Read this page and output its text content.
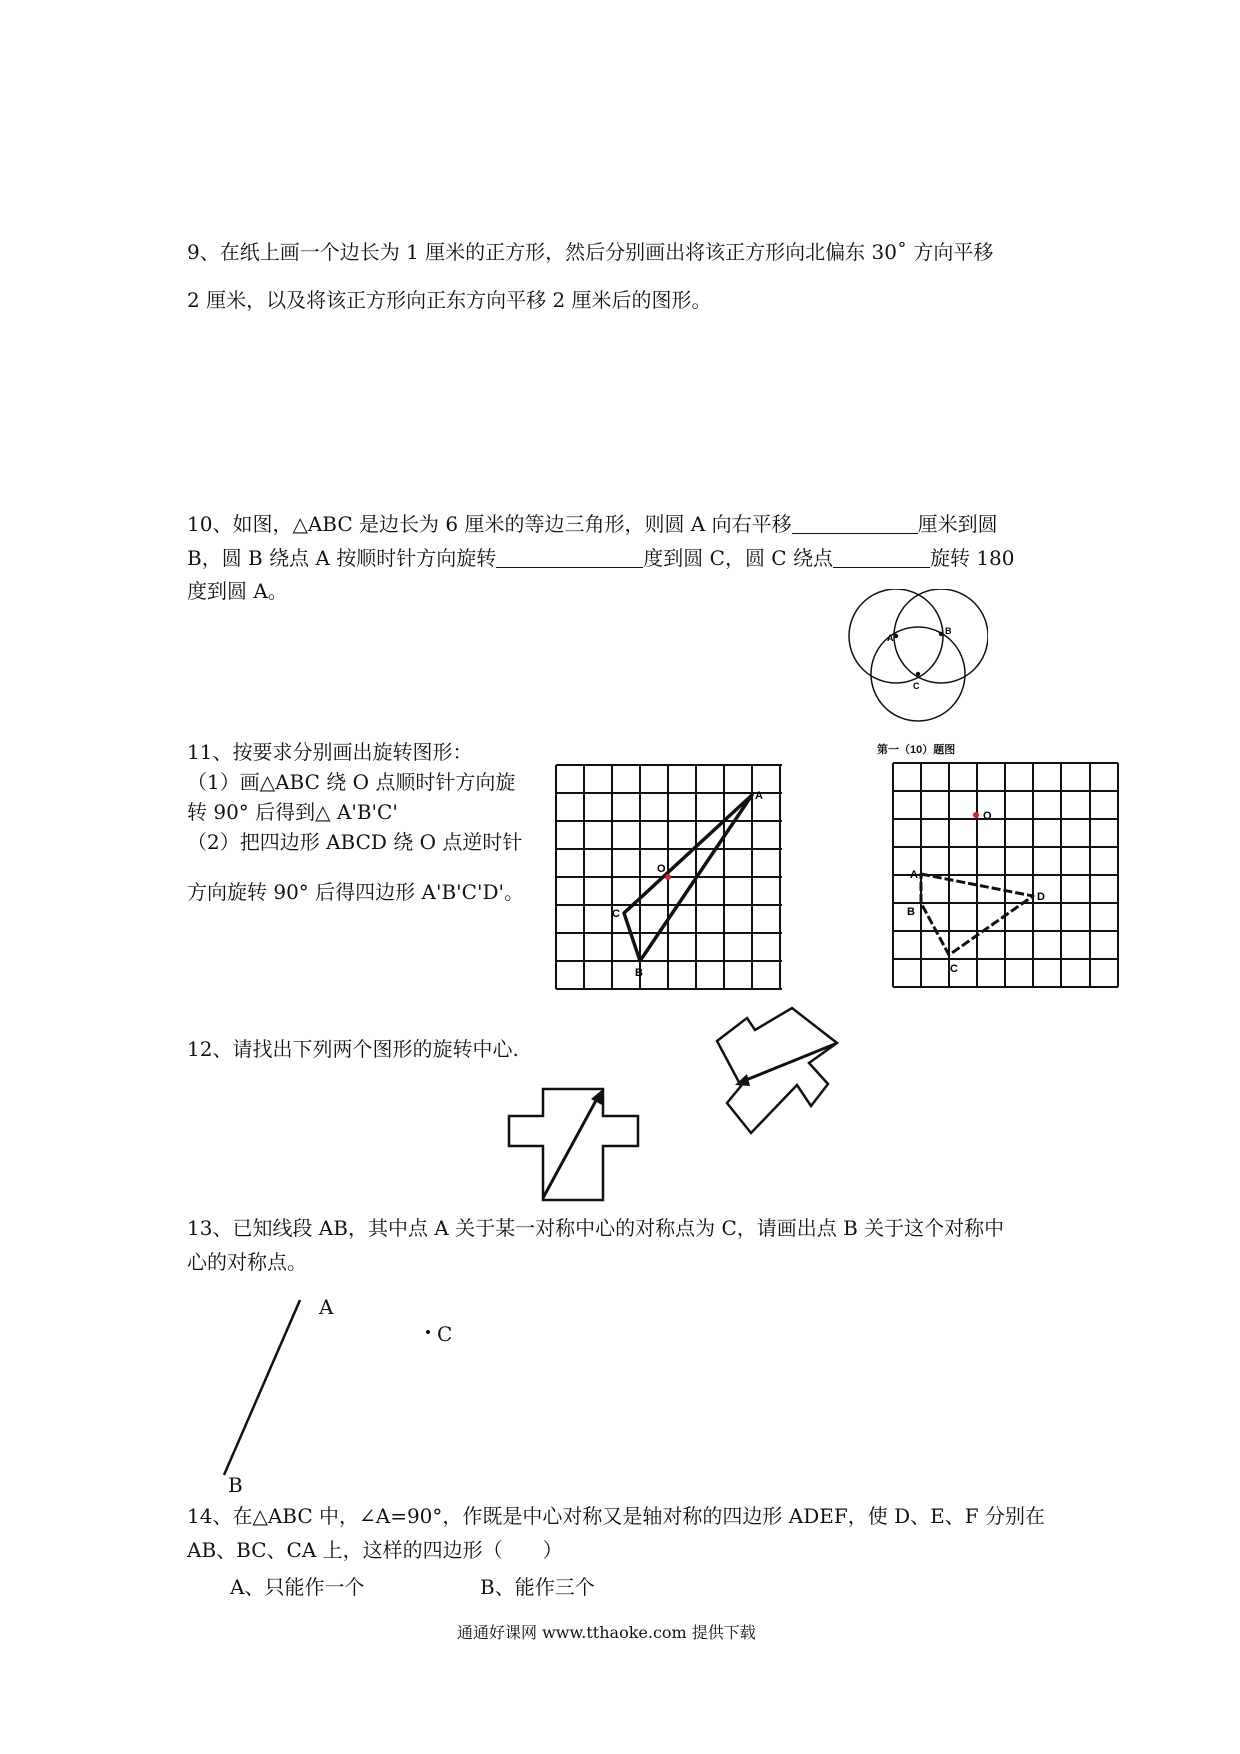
9、在纸上画一个边长为 1 厘米的正方形，然后分别画出将该正方形向北偏东 30˚ 方向平移
2 厘米，以及将该正方形向正东方向平移 2 厘米后的图形。
10、如图，△ABC 是边长为 6 厘米的等边三角形，则圆 A 向右平移	厘米到圆
B，圆 B 绕点 A 按顺时针方向旋转	度到圆 C，圆 C 绕点	旋转 180
度到圆 A。
A
B
C
11、按要求分别画出旋转图形：
（1）画△ABC 绕 O 点顺时针方向旋
转 90° 后得到△ A'B'C'
（2）把四边形 ABCD 绕 O 点逆时针
方向旋转 90° 后得四边形 A'B'C'D'。
A
O
C
B
第一（10）题图
O
A
D
B
C
12、请找出下列两个图形的旋转中心.
13、已知线段 AB，其中点 A 关于某一对称中心的对称点为 C，请画出点 B 关于这个对称中
心的对称点。
A
C
B
14、在△ABC 中，∠A=90°，作既是中心对称又是轴对称的四边形 ADEF，使 D、E、F 分别在
AB、BC、CA 上，这样的四边形（　　）
A、只能作一个	B、能作三个
通通好课网 www.tthaoke.com 提供下载
